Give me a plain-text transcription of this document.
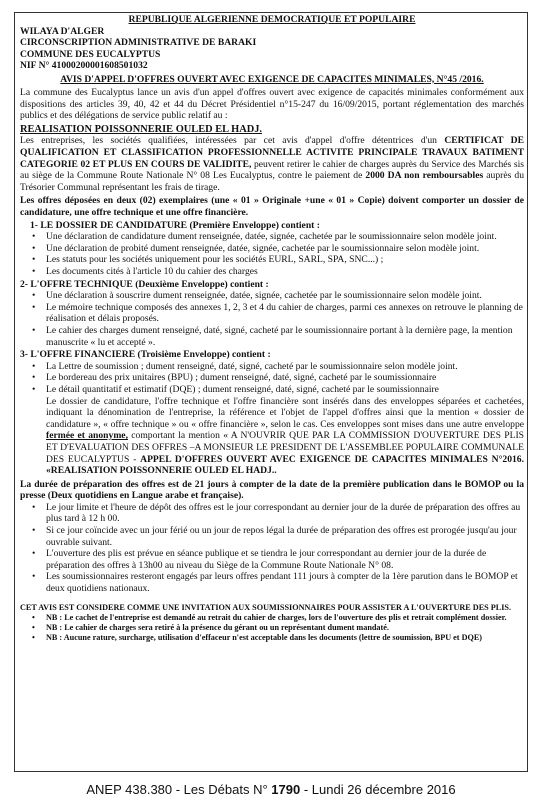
REPUBLIQUE ALGERIENNE DEMOCRATIQUE ET POPULAIRE
WILAYA D'ALGER
CIRCONSCRIPTION ADMINISTRATIVE DE BARAKI
COMMUNE DES EUCALYPTUS
NIF N° 41000200001608501032
AVIS D'APPEL D'OFFRES OUVERT AVEC EXIGENCE DE CAPACITES MINIMALES, N°45 /2016.

La commune des Eucalyptus lance un avis d'un appel d'offres ouvert avec exigence de capacités minimales conformément aux dispositions des articles 39, 40, 42 et 44 du Décret Présidentiel n°15-247 du 16/09/2015, portant réglementation des marchés publics et des délégations de service public relatif au :

REALISATION POISSONNERIE OULED EL HADJ.

Les entreprises, les sociétés qualifiées, intéressées par cet avis d'appel d'offre détentrices d'un CERTIFICAT DE QUALIFICATION ET CLASSIFICATION PROFESSIONNELLE ACTIVITE PRINCIPALE TRAVAUX BATIMENT CATEGORIE 02 ET PLUS EN COURS DE VALIDITE, peuvent retirer le cahier de charges auprès du Service des Marchés sis au siège de la Commune Route Nationale N° 08 Les Eucalyptus, contre le paiement de 2000 DA non remboursables auprès du Trésorier Communal représentant les frais de tirage.

Les offres déposées en deux (02) exemplaires (une « 01 » Originale +une « 01 » Copie) doivent comporter un dossier de candidature, une offre technique et une offre financière.

1- LE DOSSIER DE CANDIDATURE (Première Enveloppe) contient :
• Une déclaration de candidature dument renseignée, datée, signée, cachetée par le soumissionnaire selon modèle joint.
• Une déclaration de probité dument renseignée, datée, signée, cachetée par le soumissionnaire selon modèle joint.
• Les statuts pour les sociétés uniquement pour les sociétés EURL, SARL, SPA, SNC...) ;
• Les documents cités à l'article 10 du cahier des charges
2- L'OFFRE TECHNIQUE (Deuxième Enveloppe) contient :
• Une déclaration à souscrire dument renseignée, datée, signée, cachetée par le soumissionnaire selon modèle joint.
• Le mémoire technique composés des annexes 1, 2, 3 et 4 du cahier de charges, parmi ces annexes on retrouve le planning de réalisation et délais proposés.
• Le cahier des charges dument renseigné, daté, signé, cacheté par le soumissionnaire portant à la dernière page, la mention manuscrite « lu et accepté ».
3- L'OFFRE FINANCIERE (Troisième Enveloppe) contient :
• La Lettre de soumission ; dument renseigné, daté, signé, cacheté par le soumissionnaire selon modèle joint.
• Le bordereau des prix unitaires (BPU) ; dument renseigné, daté, signé, cacheté par le soumissionnaire
• Le détail quantitatif et estimatif (DQE) ; dument renseigné, daté, signé, cacheté par le soumissionnaire

Le dossier de candidature, l'offre technique et l'offre financière sont insérés dans des enveloppes séparées et cachetées, indiquant la dénomination de l'entreprise, la référence et l'objet de l'appel d'offres ainsi que la mention « dossier de candidature », « offre technique » ou « offre financière », selon le cas. Ces enveloppes sont mises dans une autre enveloppe fermée et anonyme, comportant la mention « A N'OUVRIR QUE PAR LA COMMISSION D'OUVERTURE DES PLIS ET D'EVALUATION DES OFFRES –A MONSIEUR LE PRESIDENT DE L'ASSEMBLEE POPULAIRE COMMUNALE DES EUCALYPTUS - APPEL D'OFFRES OUVERT AVEC EXIGENCE DE CAPACITES MINIMALES N°2016. «REALISATION POISSONNERIE OULED EL HADJ..

La durée de préparation des offres est de 21 jours à compter de la date de la première publication dans le BOMOP ou la presse (Deux quotidiens en Langue arabe et française).

• Le jour limite et l'heure de dépôt des offres est le jour correspondant au dernier jour de la durée de préparation des offres au plus tard à 12 h 00.
• Si ce jour coïncide avec un jour férié ou un jour de repos légal la durée de préparation des offres est prorogée jusqu'au jour ouvrable suivant.
• L'ouverture des plis est prévue en séance publique et se tiendra le jour correspondant au dernier jour de la durée de préparation des offres à 13h00 au niveau du Siège de la Commune Route Nationale N° 08.
• Les soumissionnaires resteront engagés par leurs offres pendant 111 jours à compter de la 1ère parution dans le BOMOP et deux quotidiens nationaux.
CET AVIS EST CONSIDERE COMME UNE INVITATION AUX SOUMISSIONNAIRES POUR ASSISTER A L'OUVERTURE DES PLIS.
• NB : Le cachet de l'entreprise est demandé au retrait du cahier de charges, lors de l'ouverture des plis et retrait complément dossier.
• NB : Le cahier de charges sera retiré à la présence du gérant ou un représentant dument mandaté.
• NB : Aucune rature, surcharge, utilisation d'effaceur n'est acceptable dans les documents (lettre de soumission, BPU et DQE)
ANEP 438.380 - Les Débats N° 1790 - Lundi 26 décembre 2016
